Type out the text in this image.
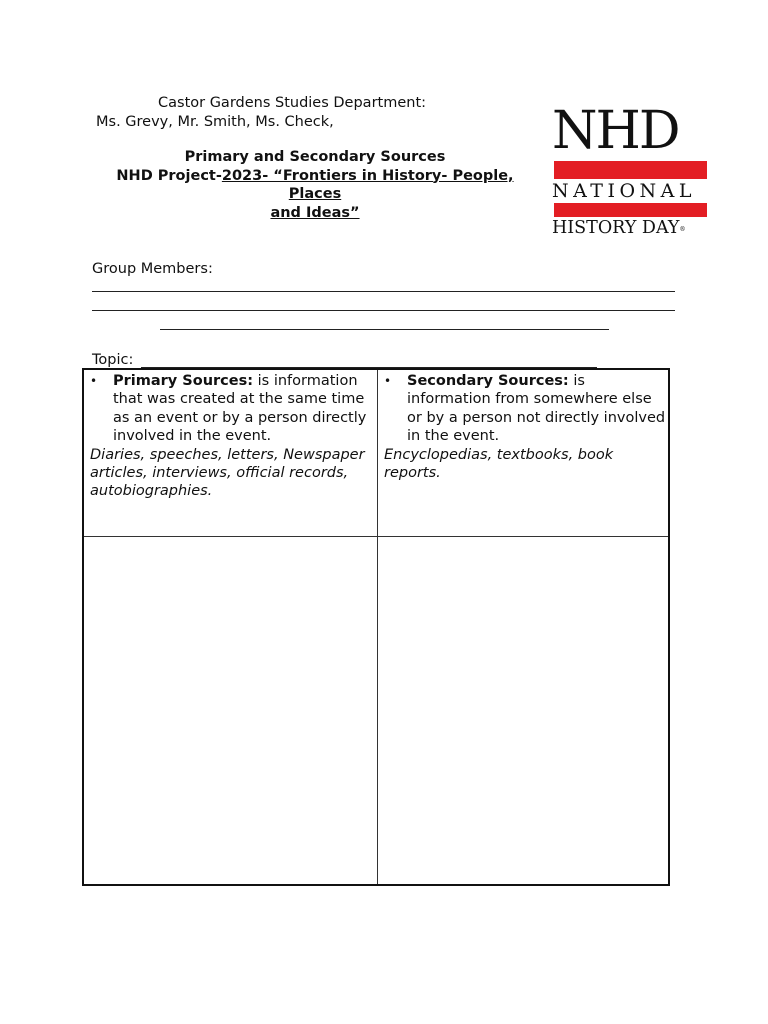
Castor Gardens Studies Department:
Ms. Grevy, Mr. Smith, Ms. Check,
Primary and Secondary Sources
NHD Project-2023- “Frontiers in History- People, Places
and Ideas”
NHD
NATIONAL
HISTORY DAY®
Group Members:
Topic:
•	Primary Sources: is information that was created at the same time as an event or by a person directly involved in the event.
Diaries, speeches, letters, Newspaper articles, interviews, official records, autobiographies.
•	Secondary Sources: is information from somewhere else or by a person not directly involved in the event.
Encyclopedias, textbooks, book reports.
